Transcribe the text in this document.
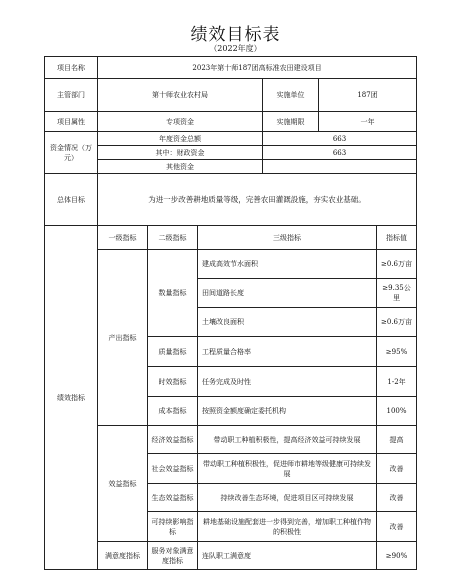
绩效目标表
（2022年度）
项目名称	2023年第十师187团高标准农田建设项目					
主管部门	第十师农业农村局			实施单位	187团	
项目属性	专项资金			实施期限	一年	
资金情况（万元）	年度资金总额			663		
	其中：财政资金			663		
	其他资金					
总体目标	为进一步改善耕地质量等级，完善农田灌溉設施，夯实农业基础。					
绩效指标	一级指标	二级指标	三级指标			指标值
	产出指标	数量指标	建成高效节水面积			≥0.6万亩
			田间道路长度			≥9.35公里
			土壤改良面积			≥0.6万亩
		质量指标	工程质量合格率			≥95%
		时效指标	任务完成及时性			1-2年
		成本指标	按照资金额度确定委托机构			100%
	效益指标	经济效益指标	带动职工种植积极性，提高经济效益可持续发展			提高
		社会效益指标	带动职工种植积极性，促进师市耕地等级健康可持续发展			改善
		生态效益指标	持续改善生态环境，促进项目区可持续发展			改善
		可持续影响指标	耕地基础设施配套进一步得到完善，增加职工种植作物的积极性			改善
	满意度指标	服务对象满意度指标	连队职工满意度			≥90%
